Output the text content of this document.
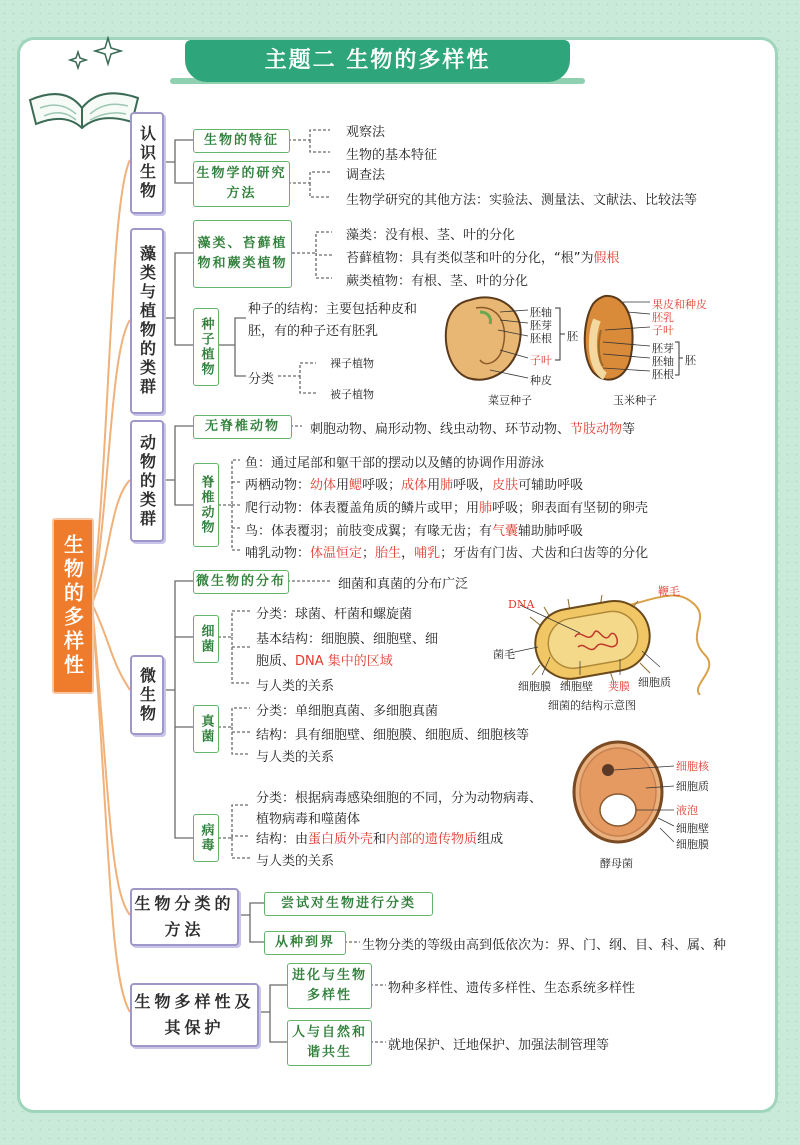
主题二 生物的多样性
生物的多样性
认识生物	生物的特征
观察法
生物的基本特征
生物学的研究方法
调查法
生物学研究的其他方法：实验法、测量法、文献法、比较法等
藻类与植物的类群
藻类、苔藓植物和蕨类植物
藻类：没有根、茎、叶的分化
苔藓植物：具有类似茎和叶的分化，“根”为假根
蕨类植物：有根、茎、叶的分化
种子植物
种子的结构：主要包括种皮和
胚，有的种子还有胚乳
分类
裸子植物
被子植物
胚轴
胚芽
胚根
子叶
种皮
胚
菜豆种子
果皮和种皮
胚乳
子叶
胚芽
胚轴
胚根
胚
玉米种子
动物的类群
无脊椎动物	刺胞动物、扁形动物、线虫动物、环节动物、节肢动物等
脊椎动物
鱼：通过尾部和躯干部的摆动以及鳍的协调作用游泳
两栖动物：幼体用鳃呼吸；成体用肺呼吸，皮肤可辅助呼吸
爬行动物：体表覆盖角质的鳞片或甲；用肺呼吸；卵表面有坚韧的卵壳
鸟：体表覆羽；前肢变成翼；有喙无齿；有气囊辅助肺呼吸
哺乳动物：体温恒定；胎生，哺乳；牙齿有门齿、犬齿和臼齿等的分化
微生物
微生物的分布	细菌和真菌的分布广泛
细菌
分类：球菌、杆菌和螺旋菌
基本结构：细胞膜、细胞壁、细
胞质、DNA 集中的区域
与人类的关系
真菌
分类：单细胞真菌、多细胞真菌
结构：具有细胞壁、细胞膜、细胞质、细胞核等
与人类的关系
病毒
分类：根据病毒感染细胞的不同，分为动物病毒、
植物病毒和噬菌体
结构：由蛋白质外壳和内部的遗传物质组成
与人类的关系
DNA
鞭毛
菌毛
细胞膜 细胞壁 荚膜 细胞质
细菌的结构示意图
细胞核
细胞质
液泡
细胞壁
细胞膜
酵母菌
生物分类的方法
尝试对生物进行分类
从种到界	生物分类的等级由高到低依次为：界、门、纲、目、科、属、种
生物多样性及其保护
进化与生物多样性	物种多样性、遗传多样性、生态系统多样性
人与自然和谐共生	就地保护、迁地保护、加强法制管理等
